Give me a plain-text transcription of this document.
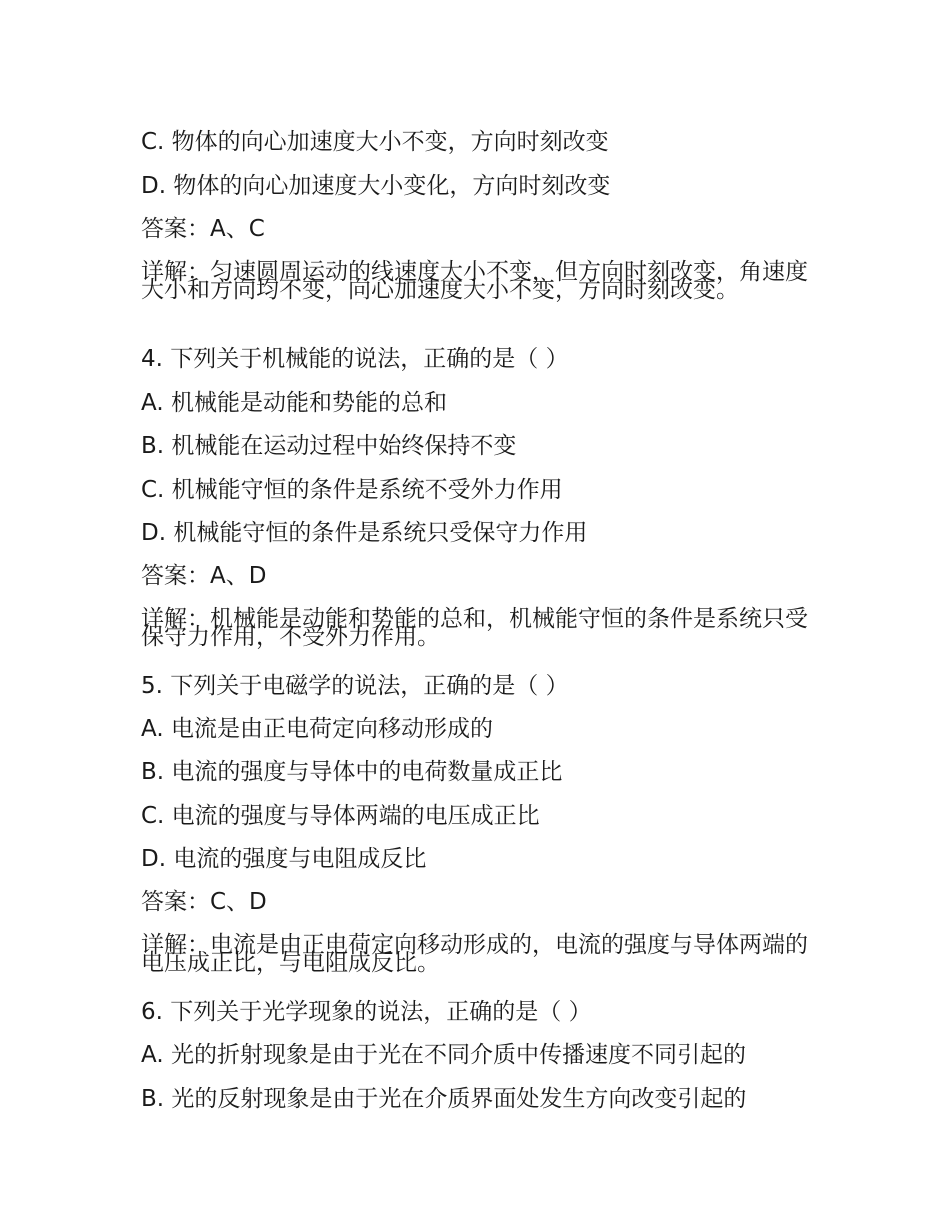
C. 物体的向心加速度大小不变，方向时刻改变
D. 物体的向心加速度大小变化，方向时刻改变
答案：A、C
详解：匀速圆周运动的线速度大小不变，但方向时刻改变，角速度大小和方向均不变，向心加速度大小不变，方向时刻改变。
4. 下列关于机械能的说法，正确的是（ ）
A. 机械能是动能和势能的总和
B. 机械能在运动过程中始终保持不变
C. 机械能守恒的条件是系统不受外力作用
D. 机械能守恒的条件是系统只受保守力作用
答案：A、D
详解：机械能是动能和势能的总和，机械能守恒的条件是系统只受保守力作用，不受外力作用。
5. 下列关于电磁学的说法，正确的是（ ）
A. 电流是由正电荷定向移动形成的
B. 电流的强度与导体中的电荷数量成正比
C. 电流的强度与导体两端的电压成正比
D. 电流的强度与电阻成反比
答案：C、D
详解：电流是由正电荷定向移动形成的，电流的强度与导体两端的电压成正比，与电阻成反比。
6. 下列关于光学现象的说法，正确的是（ ）
A. 光的折射现象是由于光在不同介质中传播速度不同引起的
B. 光的反射现象是由于光在介质界面处发生方向改变引起的
